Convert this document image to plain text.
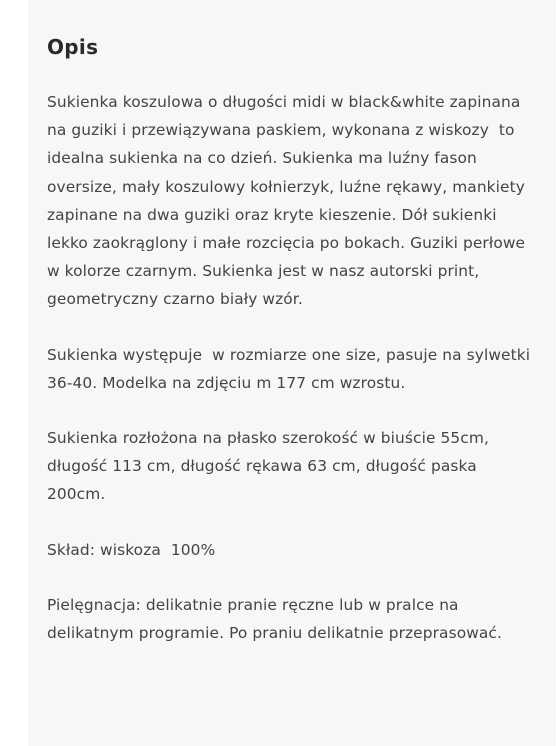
Opis

Sukienka koszulowa o długości midi w black&white zapinana na guziki i przewiązywana paskiem, wykonana z wiskozy  to idealna sukienka na co dzień. Sukienka ma luźny fason oversize, mały koszulowy kołnierzyk, luźne rękawy, mankiety zapinane na dwa guziki oraz kryte kieszenie. Dół sukienki lekko zaokrąglony i małe rozcięcia po bokach. Guziki perłowe w kolorze czarnym. Sukienka jest w nasz autorski print, geometryczny czarno biały wzór.

Sukienka występuje  w rozmiarze one size, pasuje na sylwetki 36-40. Modelka na zdjęciu m 177 cm wzrostu.

Sukienka rozłożona na płasko szerokość w biuście 55cm, długość 113 cm, długość rękawa 63 cm, długość paska 200cm.

Skład: wiskoza  100%

Pielęgnacja: delikatnie pranie ręczne lub w pralce na delikatnym programie. Po praniu delikatnie przeprasować.
